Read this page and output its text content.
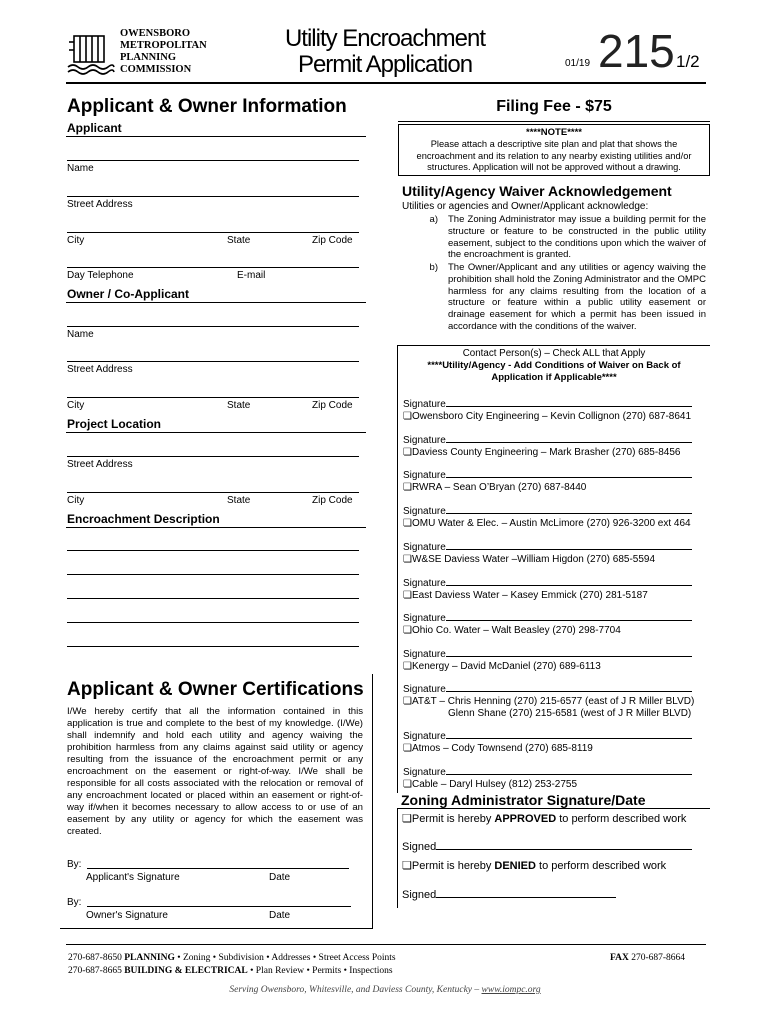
OWENSBORO
METROPOLITAN
PLANNING
COMMISSION
Utility Encroachment
Permit Application	01/19 215 1/2
Applicant & Owner Information
Applicant
Name
Street Address
City	State	Zip Code
Day Telephone	E-mail
Owner / Co-Applicant
Name
Street Address
City	State	Zip Code
Project Location
Street Address
City	State	Zip Code
Encroachment Description
Applicant & Owner Certifications
I/We hereby certify that all the information contained in this application is true and complete to the best of my knowledge. (I/We) shall indemnify and hold each utility and agency waiving the prohibition harmless from any claims against said utility or agency resulting from the issuance of the encroachment permit or any encroachment on the easement or right-of-way. I/We shall be responsible for all costs associated with the relocation or removal of any encroachment located or placed within an easement or right-of-way if/when it becomes necessary to allow access to or use of an easement by any utility or agency for which the easement was created.
By:
Applicant's Signature	Date
By:
Owner's Signature	Date
Filing Fee - $75
****NOTE****
Please attach a descriptive site plan and plat that shows the encroachment and its relation to any nearby existing utilities and/or structures. Application will not be approved without a drawing.
Utility/Agency Waiver Acknowledgement
Utilities or agencies and Owner/Applicant acknowledge:
a) The Zoning Administrator may issue a building permit for the structure or feature to be constructed in the public utility easement, subject to the conditions upon which the waiver of the encroachment is granted.
b) The Owner/Applicant and any utilities or agency waiving the prohibition shall hold the Zoning Administrator and the OMPC harmless for any claims resulting from the location of a structure or feature within a public utility easement or drainage easement for which a permit has been issued in accordance with the conditions of the waiver.
Contact Person(s) – Check ALL that Apply
****Utility/Agency - Add Conditions of Waiver on Back of
Application if Applicable****
Signature
❏Owensboro City Engineering – Kevin Collignon (270) 687-8641
Signature
❏Daviess County Engineering – Mark Brasher (270) 685-8456
Signature
❏RWRA – Sean O’Bryan (270) 687-8440
Signature
❏OMU Water & Elec. – Austin McLimore (270) 926-3200 ext 464
Signature
❏W&SE Daviess Water –William Higdon (270) 685-5594
Signature
❏East Daviess Water – Kasey Emmick (270) 281-5187
Signature
❏Ohio Co. Water – Walt Beasley (270) 298-7704
Signature
❏Kenergy – David McDaniel (270) 689-6113
Signature
❏AT&T – Chris Henning (270) 215-6577 (east of J R Miller BLVD)
Glenn Shane (270) 215-6581 (west of J R Miller BLVD)
Signature
❏Atmos – Cody Townsend (270) 685-8119
Signature
❏Cable – Daryl Hulsey (812) 253-2755
Zoning Administrator Signature/Date
❏Permit is hereby APPROVED to perform described work
Signed
❏Permit is hereby DENIED to perform described work
Signed
270-687-8650 PLANNING • Zoning • Subdivision • Addresses • Street Access Points
270-687-8665 BUILDING & ELECTRICAL • Plan Review • Permits • Inspections
FAX 270-687-8664
Serving Owensboro, Whitesville, and Daviess County, Kentucky – www.iompc.org
